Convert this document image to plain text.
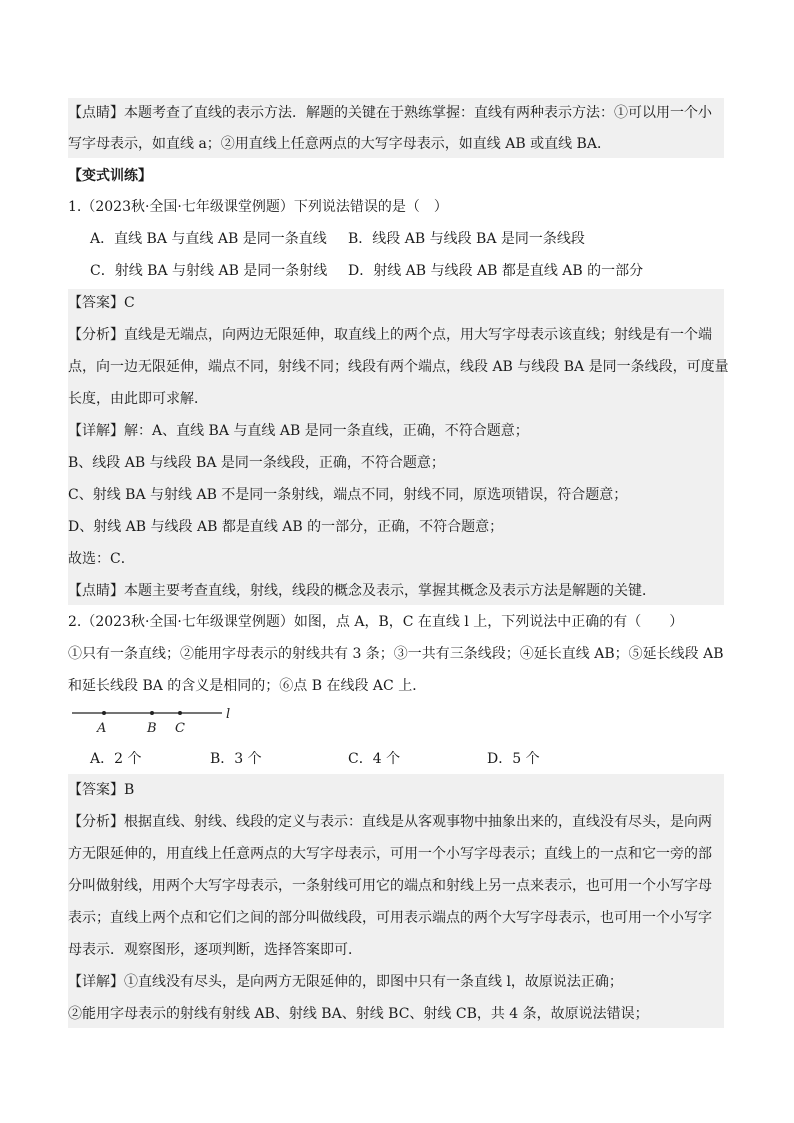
【点睛】本题考查了直线的表示方法．解题的关键在于熟练掌握：直线有两种表示方法：①可以用一个小
写字母表示，如直线 a；②用直线上任意两点的大写字母表示，如直线 AB 或直线 BA．
【变式训练】
1.（2023秋·全国·七年级课堂例题）下列说法错误的是（　）
A．直线 BA 与直线 AB 是同一条直线 B．线段 AB 与线段 BA 是同一条线段
C．射线 BA 与射线 AB 是同一条射线 D．射线 AB 与线段 AB 都是直线 AB 的一部分
【答案】C
【分析】直线是无端点，向两边无限延伸，取直线上的两个点，用大写字母表示该直线；射线是有一个端
点，向一边无限延伸，端点不同，射线不同；线段有两个端点，线段 AB 与线段 BA 是同一条线段，可度量
长度，由此即可求解．
【详解】解：A、直线 BA 与直线 AB 是同一条直线，正确，不符合题意；
B、线段 AB 与线段 BA 是同一条线段，正确，不符合题意；
C、射线 BA 与射线 AB 不是同一条射线，端点不同，射线不同，原选项错误，符合题意；
D、射线 AB 与线段 AB 都是直线 AB 的一部分，正确，不符合题意；
故选：C．
【点睛】本题主要考查直线，射线，线段的概念及表示，掌握其概念及表示方法是解题的关键．
2.（2023秋·全国·七年级课堂例题）如图，点 A，B，C 在直线 l 上，下列说法中正确的有（　　）
①只有一条直线；②能用字母表示的射线共有 3 条；③一共有三条线段；④延长直线 AB；⑤延长线段 AB
和延长线段 BA 的含义是相同的；⑥点 B 在线段 AC 上．
A	B C
l
A．2 个	B．3 个	C．4 个	D．5 个
【答案】B
【分析】根据直线、射线、线段的定义与表示：直线是从客观事物中抽象出来的，直线没有尽头，是向两
方无限延伸的，用直线上任意两点的大写字母表示，可用一个小写字母表示；直线上的一点和它一旁的部
分叫做射线，用两个大写字母表示，一条射线可用它的端点和射线上另一点来表示，也可用一个小写字母
表示；直线上两个点和它们之间的部分叫做线段，可用表示端点的两个大写字母表示，也可用一个小写字
母表示．观察图形，逐项判断，选择答案即可．
【详解】①直线没有尽头，是向两方无限延伸的，即图中只有一条直线 l，故原说法正确；
②能用字母表示的射线有射线 AB、射线 BA、射线 BC、射线 CB，共 4 条，故原说法错误；
